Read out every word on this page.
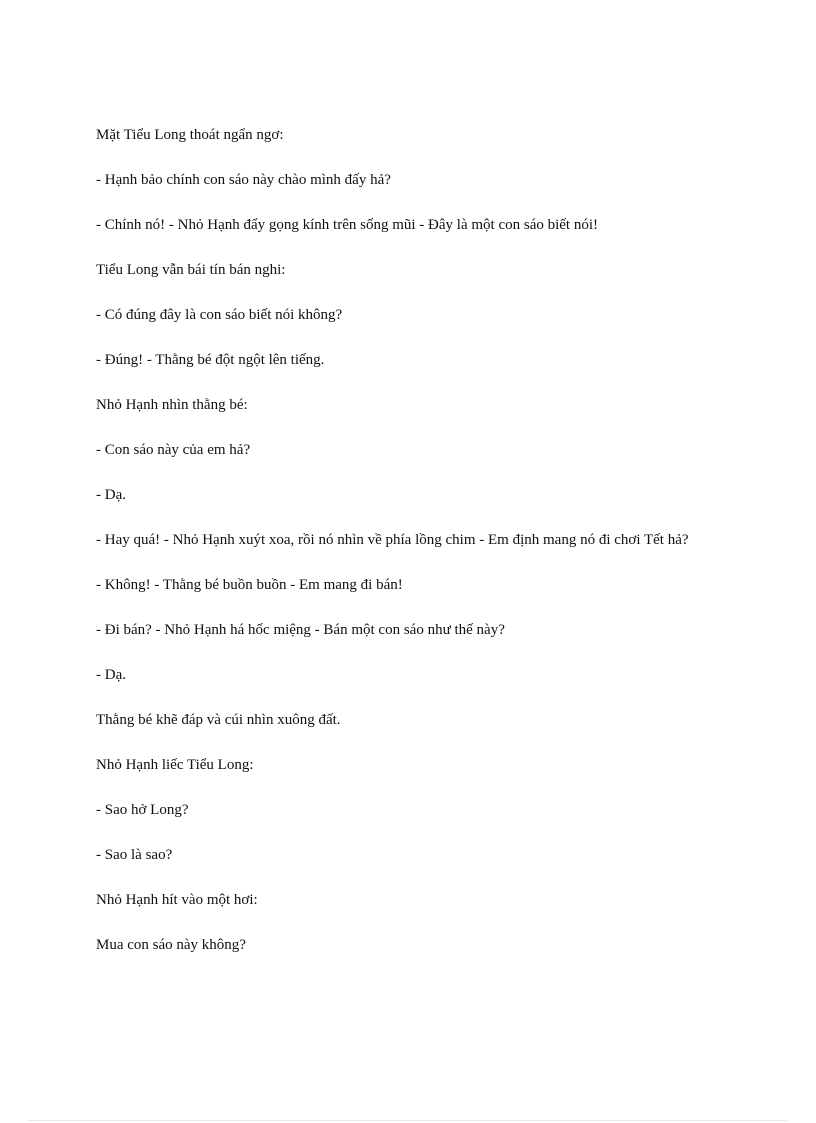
Mặt Tiểu Long thoát ngẩn ngơ:

- Hạnh bảo chính con sáo này chào mình đấy hả?

- Chính nó! - Nhỏ Hạnh đẩy gọng kính trên sống mũi - Đây là một con sáo biết nói!

Tiểu Long vẫn bái tín bán nghi:

- Có đúng đây là con sáo biết nói không?

- Đúng! - Thằng bé đột ngột lên tiếng.

Nhỏ Hạnh nhìn thằng bé:

- Con sáo này của em hả?

- Dạ.

- Hay quá! - Nhỏ Hạnh xuýt xoa, rồi nó nhìn về phía lồng chim - Em định mang nó đi chơi Tết hả?

- Không! - Thằng bé buồn buồn - Em mang đi bán!

- Đi bán? - Nhỏ Hạnh há hốc miệng - Bán một con sáo như thế này?

- Dạ.

Thằng bé khẽ đáp và cúi nhìn xuông đất.

Nhỏ Hạnh liếc Tiểu Long:

- Sao hở Long?

- Sao là sao?

Nhỏ Hạnh hít vào một hơi:

Mua con sáo này không?
